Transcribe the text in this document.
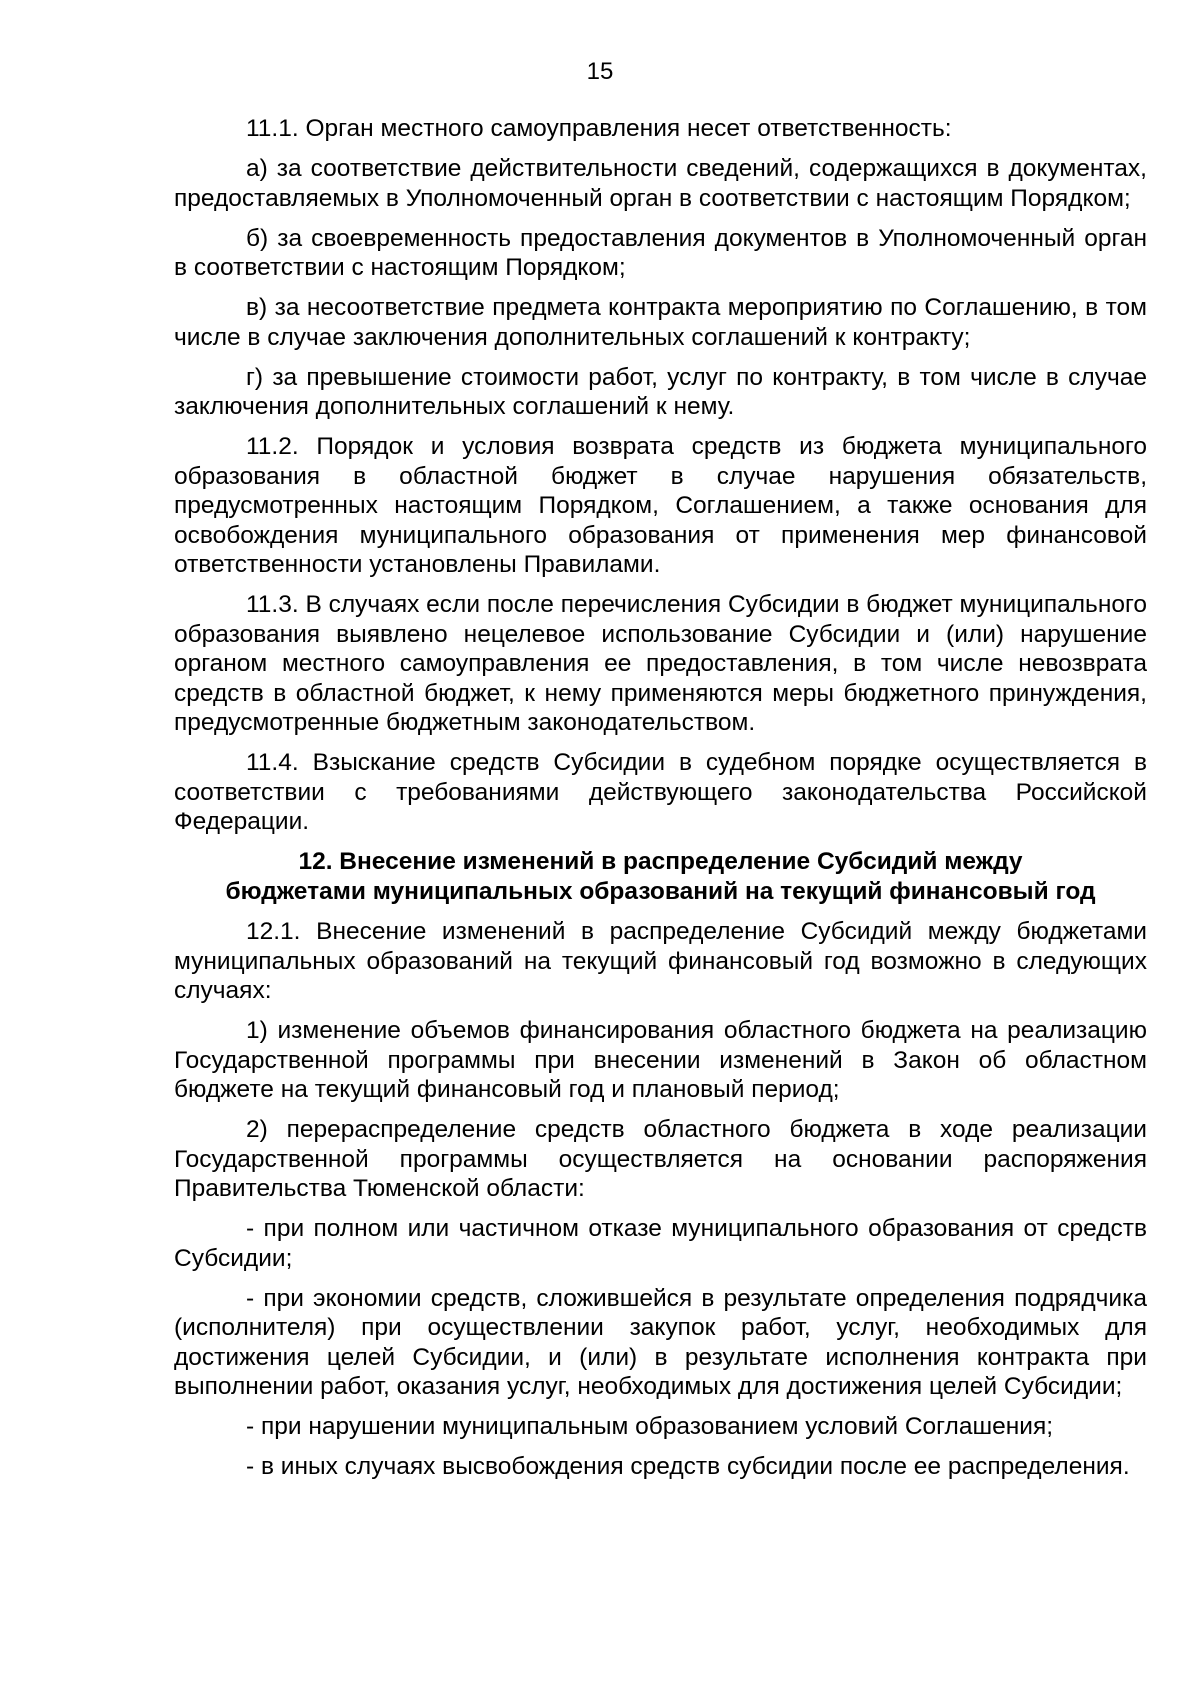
15

11.1. Орган местного самоуправления несет ответственность:

а) за соответствие действительности сведений, содержащихся в документах, предоставляемых в Уполномоченный орган в соответствии с настоящим Порядком;

б) за своевременность предоставления документов в Уполномоченный орган в соответствии с настоящим Порядком;

в) за несоответствие предмета контракта мероприятию по Соглашению, в том числе в случае заключения дополнительных соглашений к контракту;

г) за превышение стоимости работ, услуг по контракту, в том числе в случае заключения дополнительных соглашений к нему.

11.2. Порядок и условия возврата средств из бюджета муниципального образования в областной бюджет в случае нарушения обязательств, предусмотренных настоящим Порядком, Соглашением, а также основания для освобождения муниципального образования от применения мер финансовой ответственности установлены Правилами.

11.3. В случаях если после перечисления Субсидии в бюджет муниципального образования выявлено нецелевое использование Субсидии и (или) нарушение органом местного самоуправления ее предоставления, в том числе невозврата средств в областной бюджет, к нему применяются меры бюджетного принуждения, предусмотренные бюджетным законодательством.

11.4. Взыскание средств Субсидии в судебном порядке осуществляется в соответствии с требованиями действующего законодательства Российской Федерации.

12. Внесение изменений в распределение Субсидий между
бюджетами муниципальных образований на текущий финансовый год

12.1. Внесение изменений в распределение Субсидий между бюджетами муниципальных образований на текущий финансовый год возможно в следующих случаях:

1) изменение объемов финансирования областного бюджета на реализацию Государственной программы при внесении изменений в Закон об областном бюджете на текущий финансовый год и плановый период;

2) перераспределение средств областного бюджета в ходе реализации Государственной программы осуществляется на основании распоряжения Правительства Тюменской области:

- при полном или частичном отказе муниципального образования от средств Субсидии;

- при экономии средств, сложившейся в результате определения подрядчика (исполнителя) при осуществлении закупок работ, услуг, необходимых для достижения целей Субсидии, и (или) в результате исполнения контракта при выполнении работ, оказания услуг, необходимых для достижения целей Субсидии;

- при нарушении муниципальным образованием условий Соглашения;

- в иных случаях высвобождения средств субсидии после ее распределения.
